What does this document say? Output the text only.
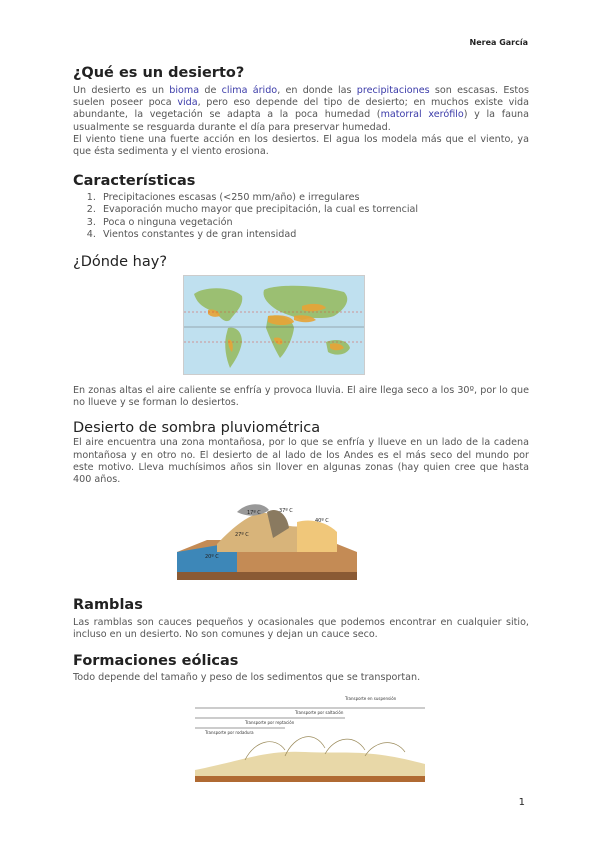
Nerea García
¿Qué es un desierto?

Un desierto es un bioma de clima árido, en donde las precipitaciones son escasas. Estos suelen poseer poca vida, pero eso depende del tipo de desierto; en muchos existe vida abundante, la vegetación se adapta a la poca humedad (matorral xerófilo) y la fauna usualmente se resguarda durante el día para preservar humedad.

El viento tiene una fuerte acción en los desiertos. El agua los modela más que el viento, ya que ésta sedimenta y el viento erosiona.

Características
1. Precipitaciones escasas (<250 mm/año) e irregulares
2. Evaporación mucho mayor que precipitación, la cual es torrencial
3. Poca o ninguna vegetación
4. Vientos constantes y de gran intensidad
¿Dónde hay?

En zonas altas el aire caliente se enfría y provoca lluvia. El aire llega seco a los 30º, por lo que no llueve y se forman lo desiertos.

Desierto de sombra pluviométrica

El aire encuentra una zona montañosa, por lo que se enfría y llueve en un lado de la cadena montañosa y en otro no. El desierto de al lado de los Andes es el más seco del mundo por este motivo. Lleva muchísimos años sin llover en algunas zonas (hay quien cree que hasta 400 años.

20º C
27º C
17º C	37º C
40º C
Ramblas

Las ramblas son cauces pequeños y ocasionales que podemos encontrar en cualquier sitio, incluso en un desierto. No son comunes y dejan un cauce seco.

Formaciones eólicas

Todo depende del tamaño y peso de los sedimentos que se transportan.

Transporte en suspensión
Transporte por saltación
Transporte por reptación
Transporte por rodadura
1
